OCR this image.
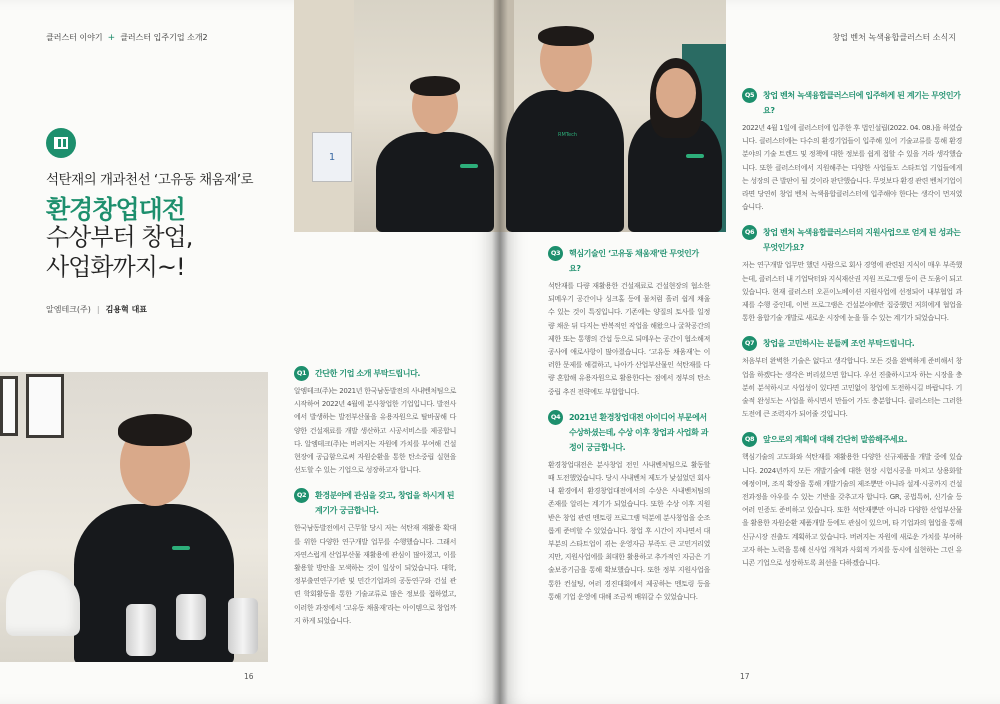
클러스터 이야기 + 클러스터 입주기업 소개2
석탄재의 개과천선 ‘고유동 채움재’로
환경창업대전
수상부터 창업,
사업화까지~!
알엠테크(주) | 김용혁 대표
Q1	간단한 기업 소개 부탁드립니다.
알엠테크(주)는 2021년 한국남동발전의 사내벤처팀으로 시작하여 2022년 4월에 분사창업한 기업입니다. 발전사에서 발생하는 발전부산물을 유용자원으로 탈바꿈해 다양한 건설재료를 개발 생산하고 시공서비스를 제공합니다. 알엠테크(주)는 버려지는 자원에 가치를 부여해 건설현장에 공급함으로써 자원순환을 통한 탄소중립 실현을 선도할 수 있는 기업으로 성장하고자 합니다.
Q2	환경분야에 관심을 갖고, 창업을 하시게 된 계기가 궁금합니다.
한국남동발전에서 근무할 당시 저는 석탄재 재활용 확대를 위한 다양한 연구개발 업무를 수행했습니다. 그래서 자연스럽게 산업부산물 재활용에 관심이 많아졌고, 이를 활용할 방안을 모색하는 것이 일상이 되었습니다. 대학, 정부출연연구기관 및 민간기업과의 공동연구와 건설 관련 학회활동을 통한 기술교류로 많은 정보를 접하였고, 이러한 과정에서 ‘고유동 채움재’라는 아이템으로 창업까지 하게 되었습니다.
16
창업 벤처 녹색융합클러스터 소식지
Q3	핵심기술인 ‘고유동 채움재’란 무엇인가요?
석탄재를 다량 재활용한 건설재료로 건설현장의 협소한 되메우기 공간이나 싱크홀 등에 물처럼 흘러 쉽게 채울 수 있는 것이 특징입니다. 기존에는 양질의 토사를 일정량 채운 뒤 다지는 반복적인 작업을 해왔으나 굴착공간의 제한 또는 통행의 간섭 등으로 되메우는 공간이 협소해져 공사에 애로사항이 많아졌습니다. ‘고유동 채움재’는 이러한 문제를 해결하고, 나아가 산업부산물인 석탄재를 다량 혼합해 유용자원으로 활용한다는 점에서 정부의 탄소중립 추진 전략에도 부합합니다.
Q4	2021년 환경창업대전 아이디어 부문에서 수상하셨는데, 수상 이후 창업과 사업화 과정이 궁금합니다.
환경창업대전은 분사창업 전인 사내벤처팀으로 활동할 때 도전했었습니다. 당시 사내벤처 제도가 낯설었던 회사 내 환경에서 환경창업대전에서의 수상은 사내벤처팀의 존재를 알리는 계기가 되었습니다. 또한 수상 이후 지원받은 창업 관련 멘토링 프로그램 덕분에 분사창업을 순조롭게 준비할 수 있었습니다. 창업 후 시간이 지나면서 대부분의 스타트업이 겪는 운영자금 부족도 큰 고민거리였지만, 지원사업에를 최대한 활용하고 추가적인 자금은 기술보증기금을 통해 확보했습니다. 또한 정부 지원사업을 통한 컨설팅, 여러 경진대회에서 제공하는 멘토링 등을 통해 기업 운영에 대해 조금씩 배워갈 수 있었습니다.
Q5	창업 벤처 녹색융합클러스터에 입주하게 된 계기는 무엇인가요?
2022년 4월 1일에 클러스터에 입주한 후 법인설립(2022. 04. 08.)을 하였습니다. 클러스터에는 다수의 환경기업들이 입주해 있어 기술교류를 통해 환경분야의 기술 트렌드 및 정책에 대한 정보를 쉽게 접할 수 있을 거라 생각했습니다. 또한 클러스터에서 지원해주는 다양한 사업들도 스타트업 기업들에게는 성장의 큰 발판이 될 것이라 판단했습니다. 무엇보다 환경 관련 벤처기업이라면 당연히 창업 벤처 녹색융합클러스터에 입주해야 한다는 생각이 먼저였습니다.
Q6	창업 벤처 녹색융합클러스터의 지원사업으로 얻게 된 성과는 무엇인가요?
저는 연구개발 업무만 했던 사람으로 회사 경영에 관련된 지식이 매우 부족했는데, 클러스터 내 기업닥터와 지식재산권 지원 프로그램 등이 큰 도움이 되고 있습니다. 현재 클러스터 오픈이노베이션 지원사업에 선정되어 내부협업 과제를 수행 중인데, 이번 프로그램은 건설분야에만 집중했던 저희에게 협업을 통한 융합기술 개발로 새로운 시장에 눈을 뜰 수 있는 계기가 되었습니다.
Q7	창업을 고민하시는 분들께 조언 부탁드립니다.
처음부터 완벽한 기술은 없다고 생각합니다. 모든 것을 완벽하게 준비해서 창업을 하겠다는 생각은 버리셨으면 합니다. 우선 진출하시고자 하는 시장을 충분히 분석하시고 사업성이 있다면 고민없이 창업에 도전하시길 바랍니다. 기술적 완성도는 사업을 하시면서 만들어 가도 충분합니다. 클러스터는 그러한 도전에 큰 조력자가 되어줄 것입니다.
Q8	앞으로의 계획에 대해 간단히 말씀해주세요.
핵심기술의 고도화와 석탄재를 재활용한 다양한 신규제품을 개발 중에 있습니다. 2024년까지 모든 개발기술에 대한 현장 시험시공을 마치고 상용화할 예정이며, 조직 확장을 통해 개발기술의 제조뿐만 아니라 설계·시공까지 건설 전과정을 아우를 수 있는 기반을 갖추고자 합니다. GR, 공법특허, 신기술 등 여러 인증도 준비하고 있습니다. 또한 석탄재뿐만 아니라 다양한 산업부산물을 활용한 자원순환 제품개발 등에도 관심이 있으며, 타 기업과의 협업을 통해 신규시장 진출도 계획하고 있습니다. 버려지는 자원에 새로운 가치를 부여하고자 하는 노력을 통해 신사업 개척과 사회적 가치를 동시에 실현하는 그린 유니콘 기업으로 성장하도록 최선을 다하겠습니다.
17
1
RMTech
